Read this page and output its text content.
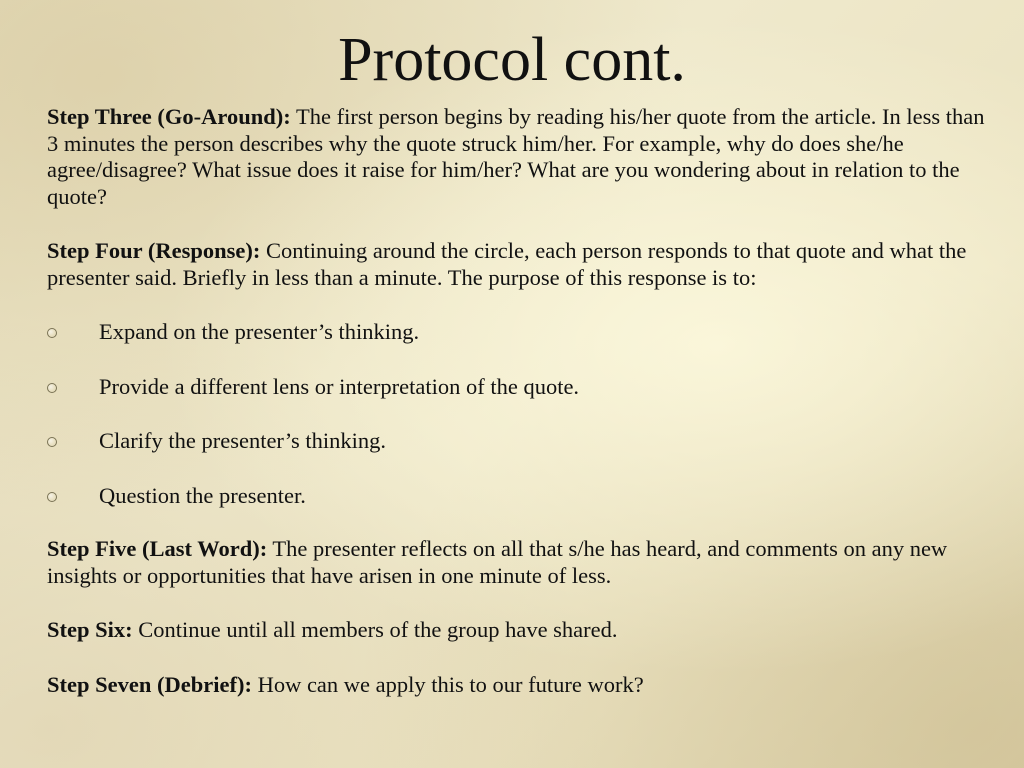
Protocol cont.

Step Three (Go-Around): The first person begins by reading his/her quote from the article. In less than 3 minutes the person describes why the quote struck him/her. For example, why do does she/he agree/disagree? What issue does it raise for him/her? What are you wondering about in relation to the quote?

Step Four (Response): Continuing around the circle, each person responds to that quote and what the presenter said. Briefly in less than a minute. The purpose of this response is to:

Expand on the presenter’s thinking.
Provide a different lens or interpretation of the quote.
Clarify the presenter’s thinking.
Question the presenter.

Step Five (Last Word): The presenter reflects on all that s/he has heard, and comments on any new insights or opportunities that have arisen in one minute of less.

Step Six: Continue until all members of the group have shared.

Step Seven (Debrief): How can we apply this to our future work?
